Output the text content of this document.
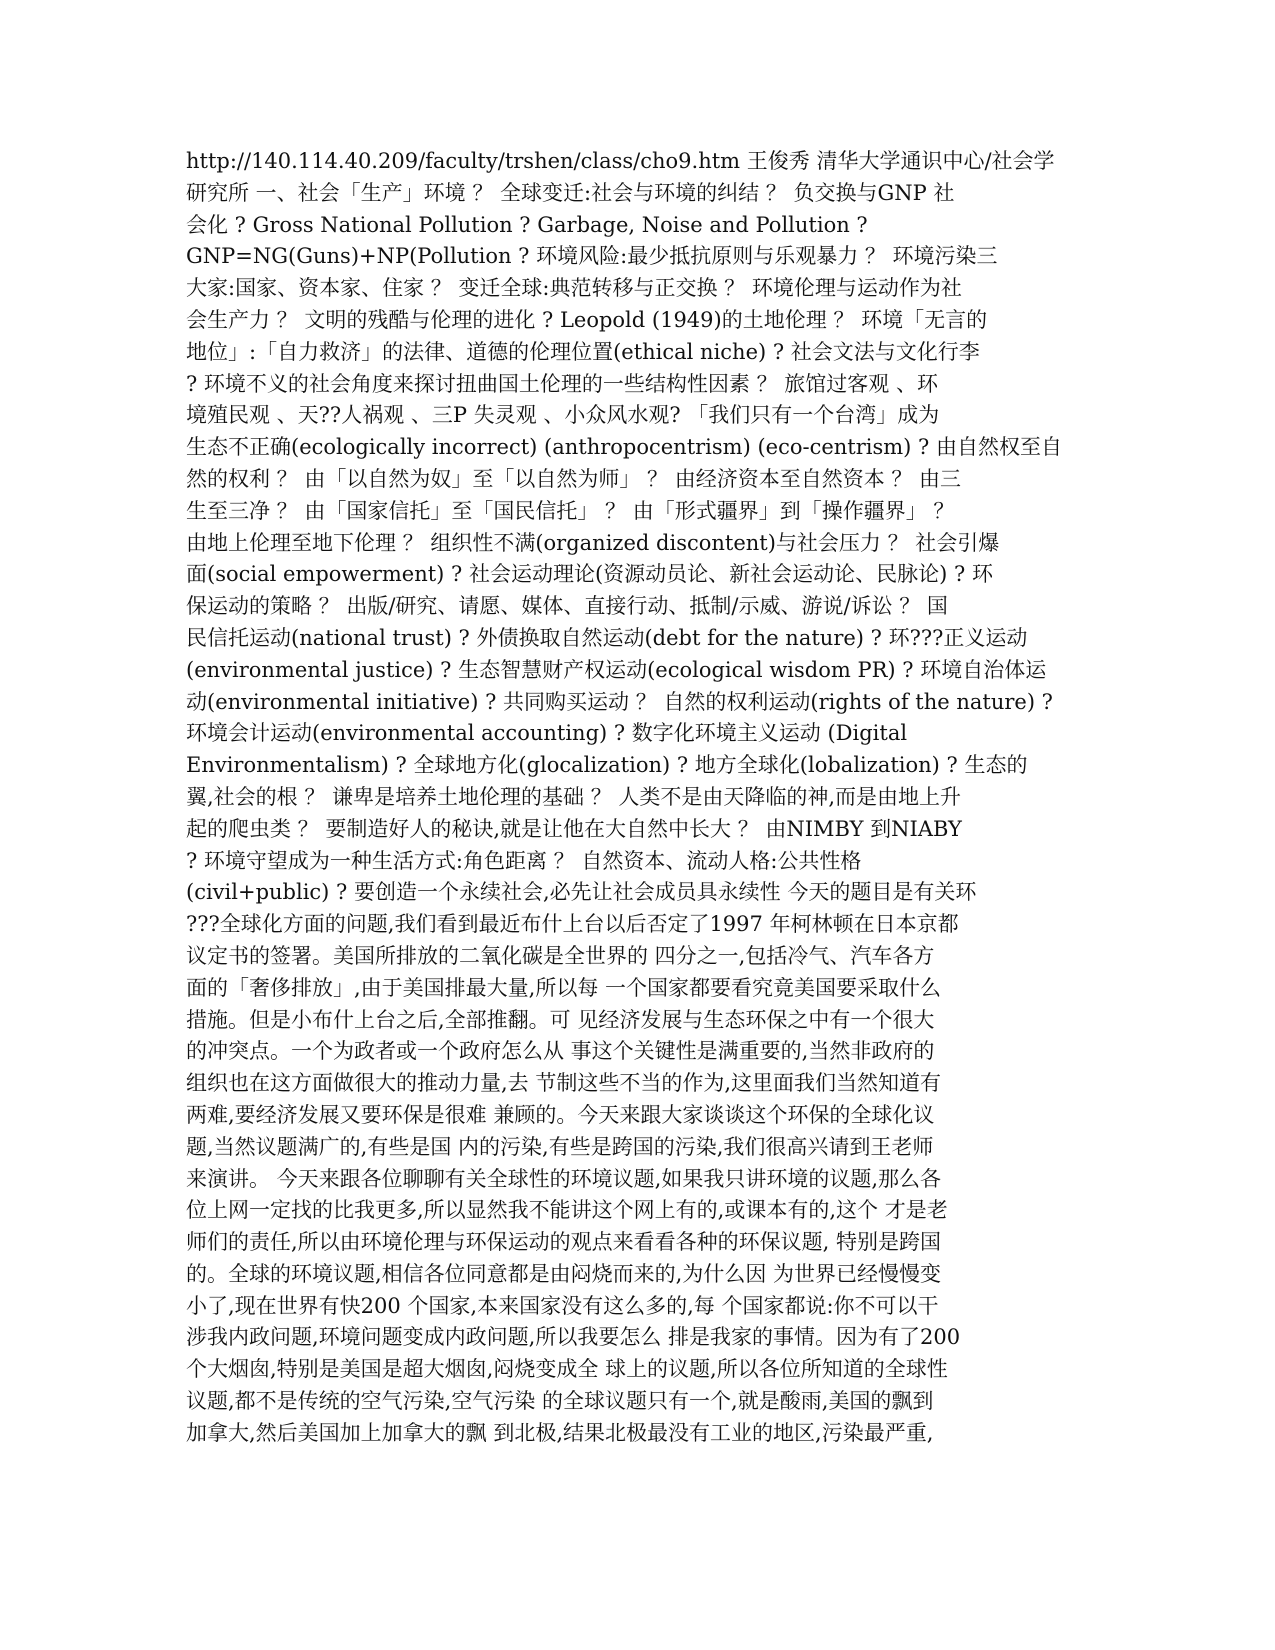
http://140.114.40.209/faculty/trshen/class/cho9.htm 王俊秀 清华大学通识中心/社会学
研究所 一、社会「生产」环境 ？ 全球变迁:社会与环境的纠结 ？ 负交换与GNP 社
会化 ? Gross National Pollution ? Garbage, Noise and Pollution ?
GNP=NG(Guns)+NP(Pollution ? 环境风险:最少抵抗原则与乐观暴力 ？ 环境污染三
大家:国家、资本家、住家 ？ 变迁全球:典范转移与正交换 ？ 环境伦理与运动作为社
会生产力 ？ 文明的残酷与伦理的进化 ? Leopold (1949)的土地伦理 ？ 环境「无言的
地位」:「自力救济」的法律、道德的伦理位置(ethical niche) ? 社会文法与文化行李
? 环境不义的社会角度来探讨扭曲国土伦理的一些结构性因素 ？ 旅馆过客观 、环
境殖民观 、天??人祸观 、三P 失灵观 、小众风水观? 「我们只有一个台湾」成为
生态不正确(ecologically incorrect) (anthropocentrism) (eco-centrism) ? 由自然权至自
然的权利 ？ 由「以自然为奴」至「以自然为师」 ？ 由经济资本至自然资本 ？ 由三
生至三净 ？ 由「国家信托」至「国民信托」 ？ 由「形式疆界」到「操作疆界」 ？
由地上伦理至地下伦理 ？ 组织性不满(organized discontent)与社会压力 ？ 社会引爆
面(social empowerment) ? 社会运动理论(资源动员论、新社会运动论、民脉论) ? 环
保运动的策略 ？ 出版/研究、请愿、媒体、直接行动、抵制/示威、游说/诉讼 ？ 国
民信托运动(national trust) ? 外债换取自然运动(debt for the nature) ? 环???正义运动
(environmental justice) ? 生态智慧财产权运动(ecological wisdom PR) ? 环境自治体运
动(environmental initiative) ? 共同购买运动 ？ 自然的权利运动(rights of the nature) ?
环境会计运动(environmental accounting) ? 数字化环境主义运动 (Digital
Environmentalism) ? 全球地方化(glocalization) ? 地方全球化(lobalization) ? 生态的
翼,社会的根 ？ 谦卑是培养土地伦理的基础 ？ 人类不是由天降临的神,而是由地上升
起的爬虫类 ？ 要制造好人的秘诀,就是让他在大自然中长大 ？ 由NIMBY 到NIABY
? 环境守望成为一种生活方式:角色距离 ？ 自然资本、流动人格:公共性格
(civil+public) ? 要创造一个永续社会,必先让社会成员具永续性 今天的题目是有关环
???全球化方面的问题,我们看到最近布什上台以后否定了1997 年柯林顿在日本京都
议定书的签署。美国所排放的二氧化碳是全世界的 四分之一,包括冷气、汽车各方
面的「奢侈排放」,由于美国排最大量,所以每 一个国家都要看究竟美国要采取什么
措施。但是小布什上台之后,全部推翻。可 见经济发展与生态环保之中有一个很大
的冲突点。一个为政者或一个政府怎么从 事这个关键性是满重要的,当然非政府的
组织也在这方面做很大的推动力量,去 节制这些不当的作为,这里面我们当然知道有
两难,要经济发展又要环保是很难 兼顾的。今天来跟大家谈谈这个环保的全球化议
题,当然议题满广的,有些是国 内的污染,有些是跨国的污染,我们很高兴请到王老师
来演讲。 今天来跟各位聊聊有关全球性的环境议题,如果我只讲环境的议题,那么各
位上网一定找的比我更多,所以显然我不能讲这个网上有的,或课本有的,这个 才是老
师们的责任,所以由环境伦理与环保运动的观点来看看各种的环保议题, 特别是跨国
的。全球的环境议题,相信各位同意都是由闷烧而来的,为什么因 为世界已经慢慢变
小了,现在世界有快200 个国家,本来国家没有这么多的,每 个国家都说:你不可以干
涉我内政问题,环境问题变成内政问题,所以我要怎么 排是我家的事情。因为有了200
个大烟囱,特别是美国是超大烟囱,闷烧变成全 球上的议题,所以各位所知道的全球性
议题,都不是传统的空气污染,空气污染 的全球议题只有一个,就是酸雨,美国的飘到
加拿大,然后美国加上加拿大的飘 到北极,结果北极最没有工业的地区,污染最严重,
